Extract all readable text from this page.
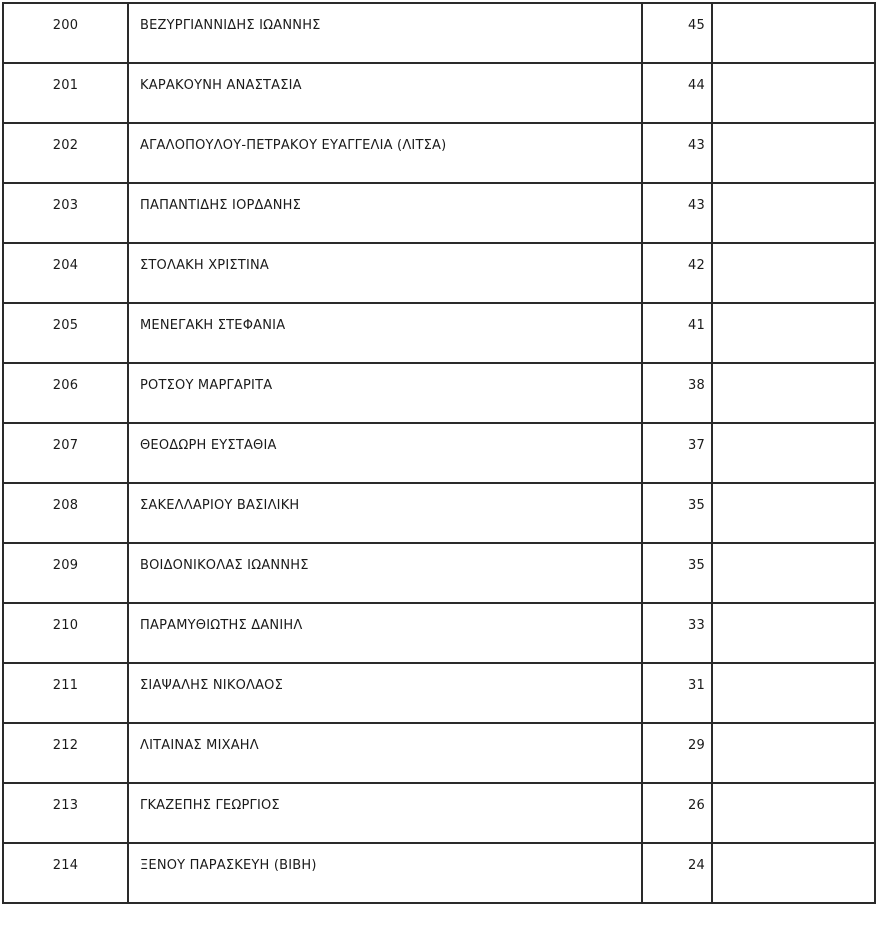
200	ΒΕΖΥΡΓΙΑΝΝΙΔΗΣ ΙΩΑΝΝΗΣ	45	
201	ΚΑΡΑΚΟΥΝΗ ΑΝΑΣΤΑΣΙΑ	44	
202	ΑΓΑΛΟΠΟΥΛΟΥ-ΠΕΤΡΑΚΟΥ ΕΥΑΓΓΕΛΙΑ (ΛΙΤΣΑ)	43	
203	ΠΑΠΑΝΤΙΔΗΣ ΙΟΡΔΑΝΗΣ	43	
204	ΣΤΟΛΑΚΗ ΧΡΙΣΤΙΝΑ	42	
205	ΜΕΝΕΓΑΚΗ ΣΤΕΦΑΝΙΑ	41	
206	ΡΟΤΣΟΥ ΜΑΡΓΑΡΙΤΑ	38	
207	ΘΕΟΔΩΡΗ ΕΥΣΤΑΘΙΑ	37	
208	ΣΑΚΕΛΛΑΡΙΟΥ ΒΑΣΙΛΙΚΗ	35	
209	ΒΟΙΔΟΝΙΚΟΛΑΣ ΙΩΑΝΝΗΣ	35	
210	ΠΑΡΑΜΥΘΙΩΤΗΣ ΔΑΝΙΗΛ	33	
211	ΣΙΑΨΑΛΗΣ ΝΙΚΟΛΑΟΣ	31	
212	ΛΙΤΑΙΝΑΣ ΜΙΧΑΗΛ	29	
213	ΓΚΑΖΕΠΗΣ ΓΕΩΡΓΙΟΣ	26	
214	ΞΕΝΟΥ ΠΑΡΑΣΚΕΥΗ (ΒΙΒΗ)	24	
